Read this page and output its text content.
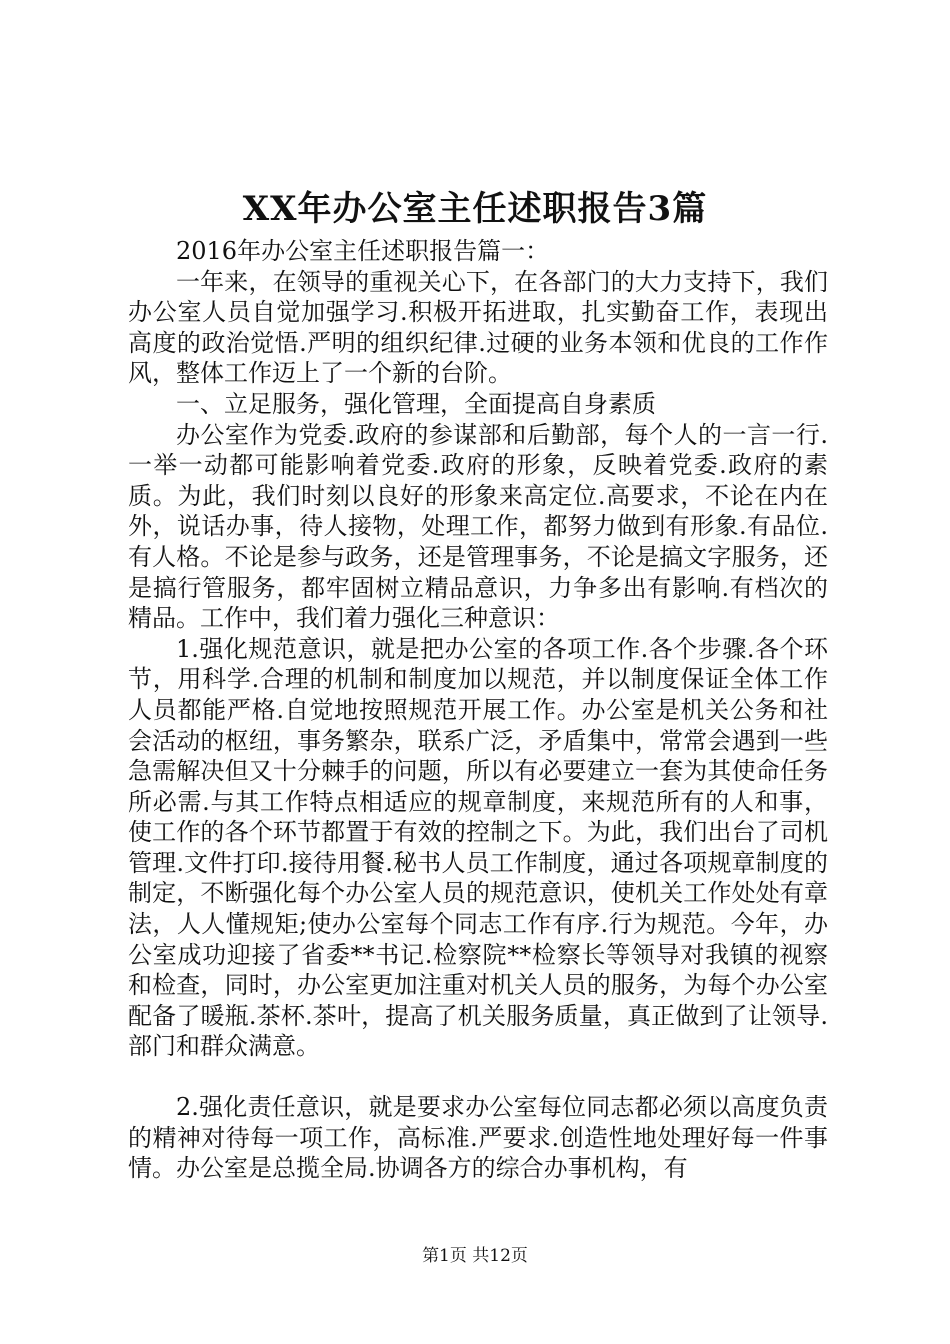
XX年办公室主任述职报告3篇

2016年办公室主任述职报告篇一：

一年来，在领导的重视关心下，在各部门的大力支持下，我们办公室人员自觉加强学习.积极开拓进取，扎实勤奋工作，表现出高度的政治觉悟.严明的组织纪律.过硬的业务本领和优良的工作作风，整体工作迈上了一个新的台阶。

一、立足服务，强化管理，全面提高自身素质

办公室作为党委.政府的参谋部和后勤部，每个人的一言一行.一举一动都可能影响着党委.政府的形象，反映着党委.政府的素质。为此，我们时刻以良好的形象来高定位.高要求，不论在内在外，说话办事，待人接物，处理工作，都努力做到有形象.有品位.有人格。不论是参与政务，还是管理事务，不论是搞文字服务，还是搞行管服务，都牢固树立精品意识，力争多出有影响.有档次的精品。工作中，我们着力强化三种意识：

1.强化规范意识，就是把办公室的各项工作.各个步骤.各个环节，用科学.合理的机制和制度加以规范，并以制度保证全体工作人员都能严格.自觉地按照规范开展工作。办公室是机关公务和社会活动的枢纽，事务繁杂，联系广泛，矛盾集中，常常会遇到一些急需解决但又十分棘手的问题，所以有必要建立一套为其使命任务所必需.与其工作特点相适应的规章制度，来规范所有的人和事，使工作的各个环节都置于有效的控制之下。为此，我们出台了司机管理.文件打印.接待用餐.秘书人员工作制度，通过各项规章制度的制定，不断强化每个办公室人员的规范意识，使机关工作处处有章法，人人懂规矩;使办公室每个同志工作有序.行为规范。今年，办公室成功迎接了省委**书记.检察院**检察长等领导对我镇的视察和检查，同时，办公室更加注重对机关人员的服务，为每个办公室配备了暖瓶.茶杯.茶叶，提高了机关服务质量，真正做到了让领导.部门和群众满意。

2.强化责任意识，就是要求办公室每位同志都必须以高度负责的精神对待每一项工作，高标准.严要求.创造性地处理好每一件事情。办公室是总揽全局.协调各方的综合办事机构，有

第1页 共12页
